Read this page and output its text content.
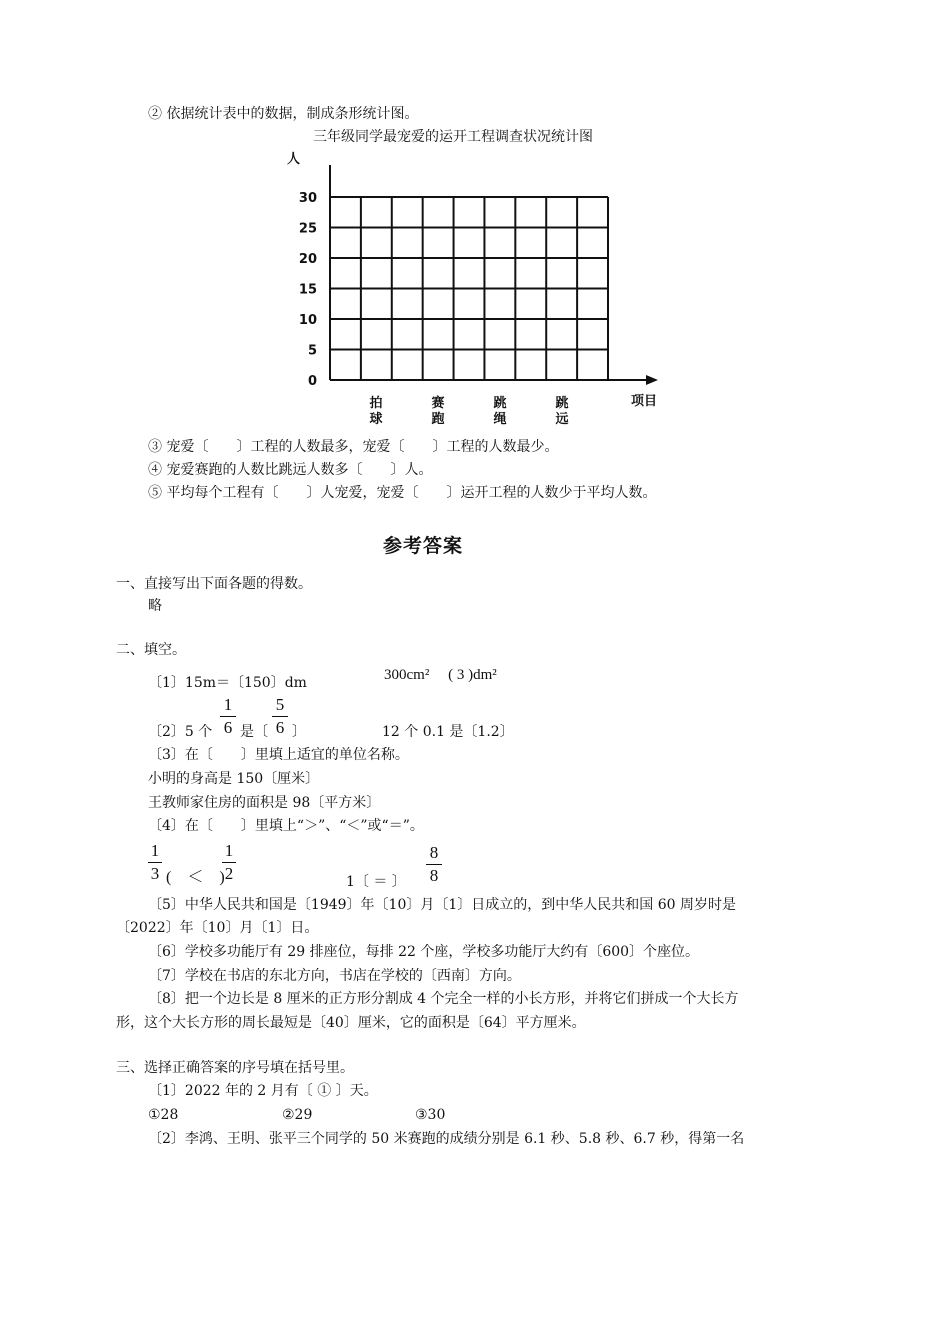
② 依据统计表中的数据，制成条形统计图。
三年级同学最宠爱的运开工程调查状况统计图
人
项目
30
25
20
15
10
5
0
拍球
赛跑
跳绳
跳远
③ 宠爱〔　　〕工程的人数最多，宠爱〔　　〕工程的人数最少。
④ 宠爱赛跑的人数比跳远人数多〔　　〕人。
⑤ 平均每个工程有〔　　〕人宠爱，宠爱〔　　〕运开工程的人数少于平均人数。
参考答案
一、直接写出下面各题的得数。
略
二、填空。
〔1〕15m＝〔150〕dm	300cm² 　( 3 )dm²
〔2〕5 个
1
6 是〔
5
6 〕	12 个 0.1 是〔1.2〕
〔3〕在〔　　〕里填上适宜的单位名称。
小明的身高是 150〔厘米〕
王教师家住房的面积是 98〔平方米〕
〔4〕在〔　　〕里填上“＞”、“＜”或“＝”。
1
3 (　＜　)
1
2	1〔 ＝ 〕
8
8
〔5〕中华人民共和国是〔1949〕年〔10〕月〔1〕日成立的，到中华人民共和国 60 周岁时是
〔2022〕年〔10〕月〔1〕日。
〔6〕学校多功能厅有 29 排座位，每排 22 个座，学校多功能厅大约有〔600〕个座位。
〔7〕学校在书店的东北方向，书店在学校的〔西南〕方向。
〔8〕把一个边长是 8 厘米的正方形分割成 4 个完全一样的小长方形，并将它们拼成一个大长方
形，这个大长方形的周长最短是〔40〕厘米，它的面积是〔64〕平方厘米。
三、选择正确答案的序号填在括号里。
〔1〕2022 年的 2 月有〔 ① 〕天。
①28	②29	③30
〔2〕李鸿、王明、张平三个同学的 50 米赛跑的成绩分别是 6.1 秒、5.8 秒、6.7 秒，得第一名
